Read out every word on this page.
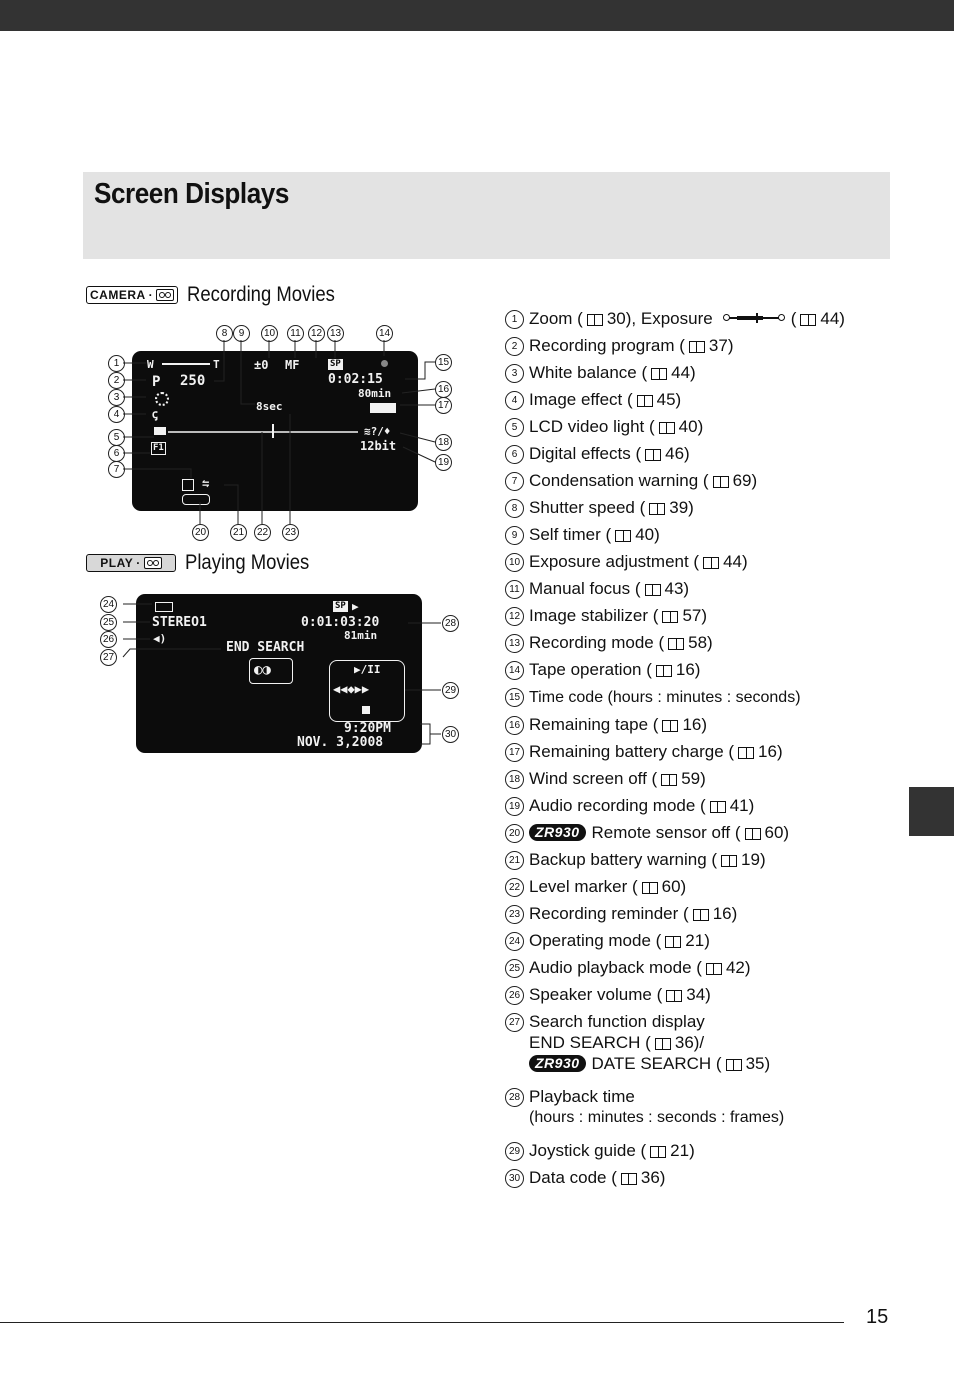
Screen Displays
CAMERA ·	Recording Movies
W	T
P 250
±0 MF	SP
0:02:15
80min
ꞔ
8sec
F1
≋?/♦
12bit
⇋
1
2
3
4
5
6
7
8	9	10	11	12 13	14
15
16
17
18
19
20	21 22 23
PLAY ·	Playing Movies
SP ▶
STEREO1	0:01:03:20
81min
◀)
END SEARCH
◐◑	▶/II
◀◀◆▶▶
9:20PM
NOV. 3,2008
24
25
26
27
28
29
30
1 Zoom ( 30), Exposure	( 44)
2 Recording program ( 37)
3 White balance ( 44)
4 Image effect ( 45)
5 LCD video light ( 40)
6 Digital effects ( 46)
7 Condensation warning ( 69)
8 Shutter speed ( 39)
9 Self timer ( 40)
10 Exposure adjustment ( 44)
11 Manual focus ( 43)
12 Image stabilizer ( 57)
13 Recording mode ( 58)
14 Tape operation ( 16)
15 Time code (hours : minutes : seconds)
16 Remaining tape ( 16)
17 Remaining battery charge ( 16)
18 Wind screen off ( 59)
19 Audio recording mode ( 41)
20 ZR930 Remote sensor off ( 60)
21 Backup battery warning ( 19)
22 Level marker ( 60)
23 Recording reminder ( 16)
24 Operating mode ( 21)
25 Audio playback mode ( 42)
26 Speaker volume ( 34)
27 Search function display
END SEARCH ( 36)/
ZR930 DATE SEARCH ( 35)
28 Playback time
(hours : minutes : seconds : frames)
29 Joystick guide ( 21)
30 Data code ( 36)
15
